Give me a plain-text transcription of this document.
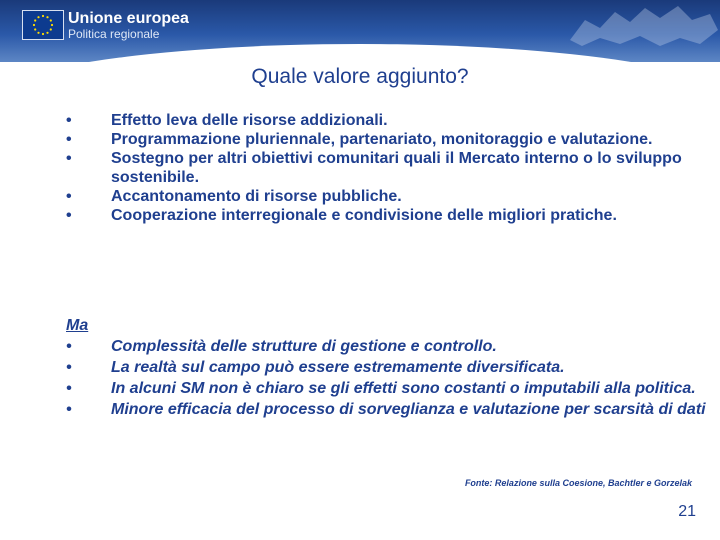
Unione europea
Politica regionale
Quale valore aggiunto?
•	Effetto leva delle risorse addizionali.
•	Programmazione pluriennale, partenariato, monitoraggio e valutazione.
•	Sostegno per altri obiettivi comunitari quali il Mercato interno o lo sviluppo sostenibile.
•	Accantonamento di risorse pubbliche.
•	Cooperazione interregionale e condivisione delle migliori pratiche.
Ma
•	Complessità delle strutture di gestione e controllo.
•	La realtà sul campo può essere estremamente diversificata.
•	In alcuni SM non è chiaro se gli effetti sono costanti o imputabili alla politica.
•	Minore efficacia del processo di sorveglianza e valutazione per scarsità di dati
Fonte: Relazione sulla Coesione, Bachtler e Gorzelak
21
